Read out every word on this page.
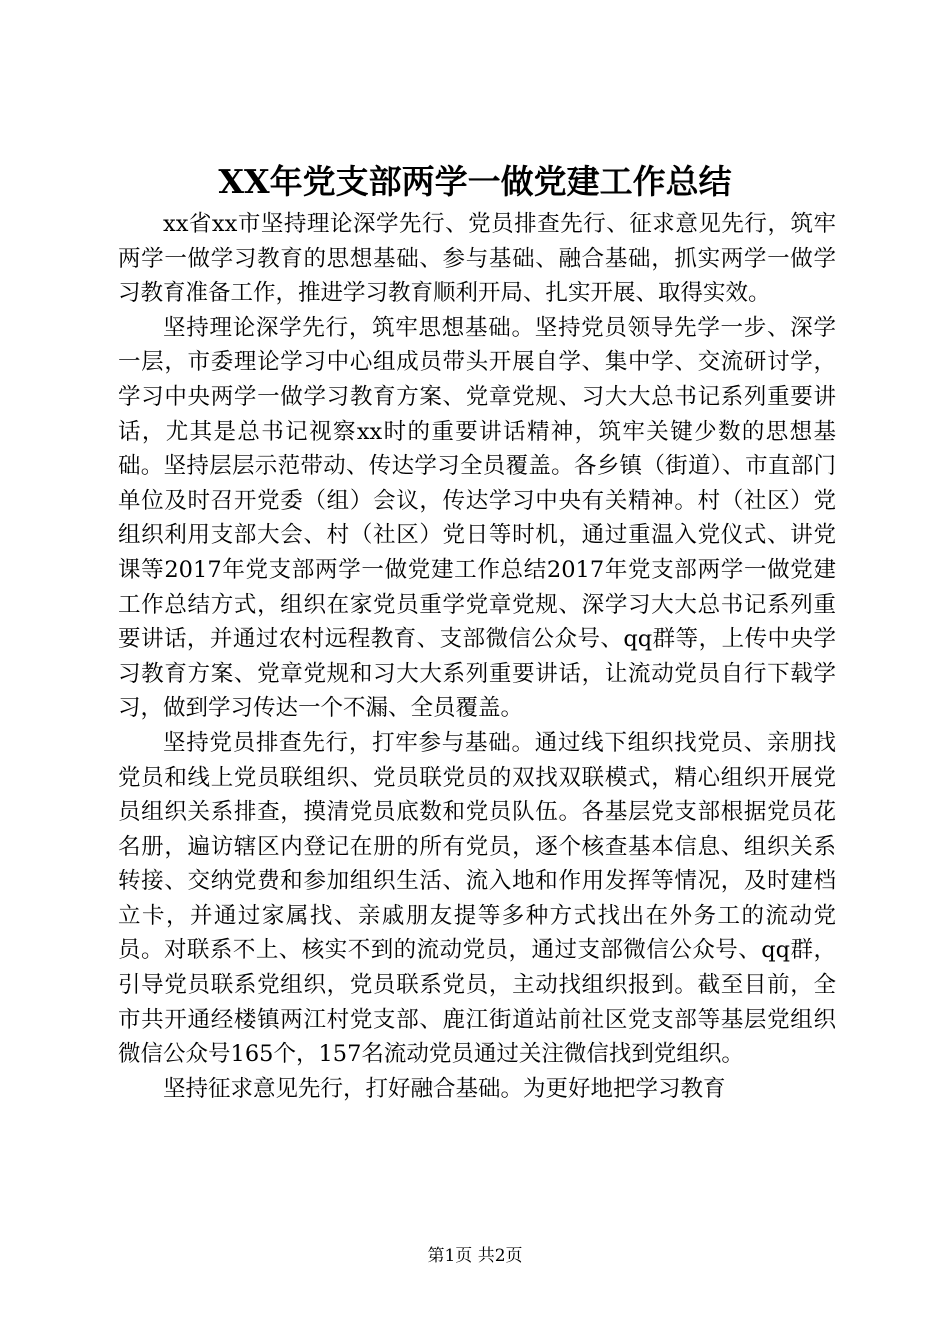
XX年党支部两学一做党建工作总结

xx省xx市坚持理论深学先行、党员排查先行、征求意见先行，筑牢两学一做学习教育的思想基础、参与基础、融合基础，抓实两学一做学习教育准备工作，推进学习教育顺利开局、扎实开展、取得实效。

坚持理论深学先行，筑牢思想基础。坚持党员领导先学一步、深学一层，市委理论学习中心组成员带头开展自学、集中学、交流研讨学，学习中央两学一做学习教育方案、党章党规、习大大总书记系列重要讲话，尤其是总书记视察xx时的重要讲话精神，筑牢关键少数的思想基础。坚持层层示范带动、传达学习全员覆盖。各乡镇（街道）、市直部门单位及时召开党委（组）会议，传达学习中央有关精神。村（社区）党组织利用支部大会、村（社区）党日等时机，通过重温入党仪式、讲党课等2017年党支部两学一做党建工作总结2017年党支部两学一做党建工作总结方式，组织在家党员重学党章党规、深学习大大总书记系列重要讲话，并通过农村远程教育、支部微信公众号、qq群等，上传中央学习教育方案、党章党规和习大大系列重要讲话，让流动党员自行下载学习，做到学习传达一个不漏、全员覆盖。

坚持党员排查先行，打牢参与基础。通过线下组织找党员、亲朋找党员和线上党员联组织、党员联党员的双找双联模式，精心组织开展党员组织关系排查，摸清党员底数和党员队伍。各基层党支部根据党员花名册，遍访辖区内登记在册的所有党员，逐个核查基本信息、组织关系转接、交纳党费和参加组织生活、流入地和作用发挥等情况，及时建档立卡，并通过家属找、亲戚朋友提等多种方式找出在外务工的流动党员。对联系不上、核实不到的流动党员，通过支部微信公众号、qq群，引导党员联系党组织，党员联系党员，主动找组织报到。截至目前，全市共开通经楼镇两江村党支部、鹿江街道站前社区党支部等基层党组织微信公众号165个，157名流动党员通过关注微信找到党组织。

坚持征求意见先行，打好融合基础。为更好地把学习教育

第1页 共2页
